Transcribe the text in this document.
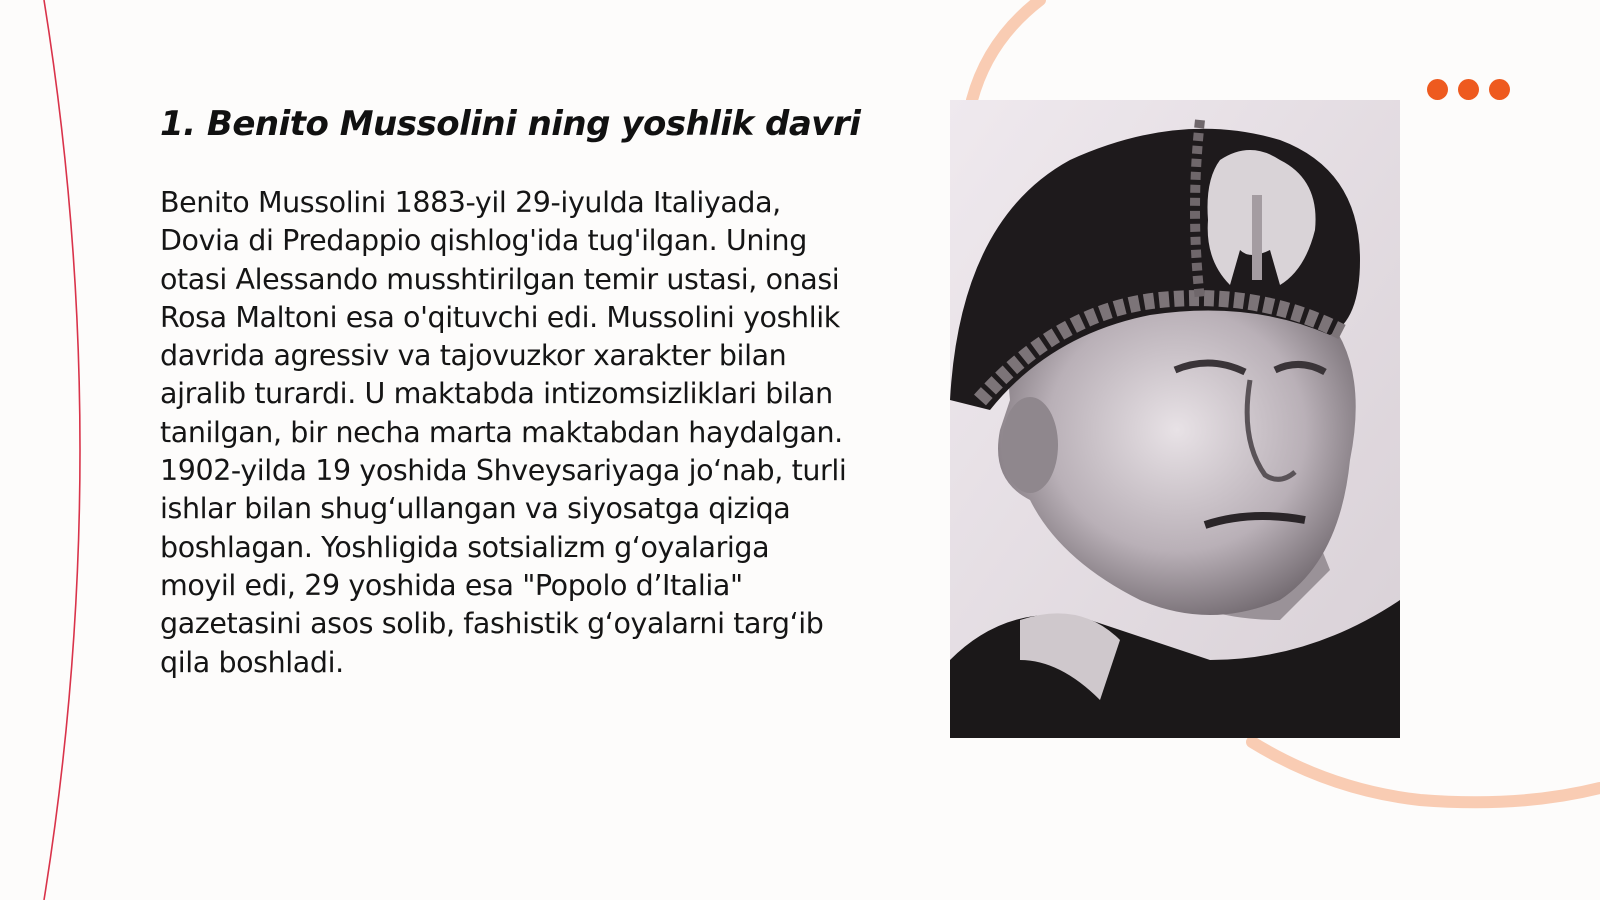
1. Benito Mussolini ning yoshlik davri

Benito Mussolini 1883-yil 29-iyulda Italiyada, Dovia di Predappio qishlog'ida tug'ilgan. Uning otasi Alessando musshtirilgan temir ustasi, onasi Rosa Maltoni esa o'qituvchi edi. Mussolini yoshlik davrida agressiv va tajovuzkor xarakter bilan ajralib turardi. U maktabda intizomsizliklari bilan tanilgan, bir necha marta maktabdan haydalgan. 1902-yilda 19 yoshida Shveysariyaga jo‘nab, turli ishlar bilan shug‘ullangan va siyosatga qiziqa boshlagan. Yoshligida sotsializm g‘oyalariga moyil edi, 29 yoshida esa "Popolo d’Italia" gazetasini asos solib, fashistik g‘oyalarni targ‘ib qila boshladi.
